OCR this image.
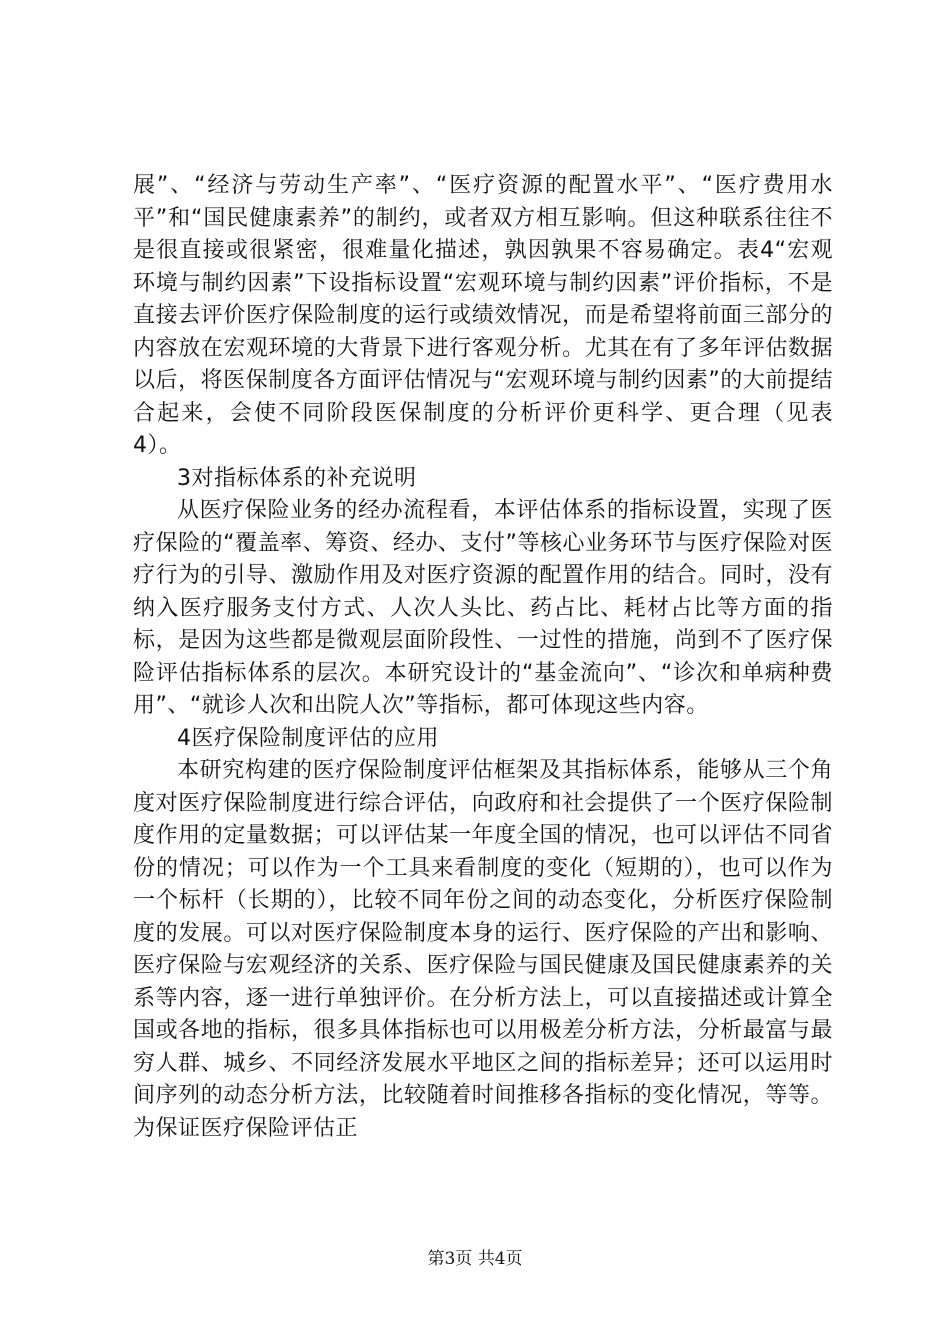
展”、“经济与劳动生产率”、“医疗资源的配置水平”、“医疗费用水平”和“国民健康素养”的制约，或者双方相互影响。但这种联系往往不是很直接或很紧密，很难量化描述，孰因孰果不容易确定。表4“宏观环境与制约因素”下设指标设置“宏观环境与制约因素”评价指标，不是直接去评价医疗保险制度的运行或绩效情况，而是希望将前面三部分的内容放在宏观环境的大背景下进行客观分析。尤其在有了多年评估数据以后，将医保制度各方面评估情况与“宏观环境与制约因素”的大前提结合起来，会使不同阶段医保制度的分析评价更科学、更合理（见表4）。

3对指标体系的补充说明

从医疗保险业务的经办流程看，本评估体系的指标设置，实现了医疗保险的“覆盖率、筹资、经办、支付”等核心业务环节与医疗保险对医疗行为的引导、激励作用及对医疗资源的配置作用的结合。同时，没有纳入医疗服务支付方式、人次人头比、药占比、耗材占比等方面的指标，是因为这些都是微观层面阶段性、一过性的措施，尚到不了医疗保险评估指标体系的层次。本研究设计的“基金流向”、“诊次和单病种费用”、“就诊人次和出院人次”等指标，都可体现这些内容。

4医疗保险制度评估的应用

本研究构建的医疗保险制度评估框架及其指标体系，能够从三个角度对医疗保险制度进行综合评估，向政府和社会提供了一个医疗保险制度作用的定量数据；可以评估某一年度全国的情况，也可以评估不同省份的情况；可以作为一个工具来看制度的变化（短期的），也可以作为一个标杆（长期的），比较不同年份之间的动态变化，分析医疗保险制度的发展。可以对医疗保险制度本身的运行、医疗保险的产出和影响、医疗保险与宏观经济的关系、医疗保险与国民健康及国民健康素养的关系等内容，逐一进行单独评价。在分析方法上，可以直接描述或计算全国或各地的指标，很多具体指标也可以用极差分析方法，分析最富与最穷人群、城乡、不同经济发展水平地区之间的指标差异；还可以运用时间序列的动态分析方法，比较随着时间推移各指标的变化情况，等等。为保证医疗保险评估正

第3页 共4页
